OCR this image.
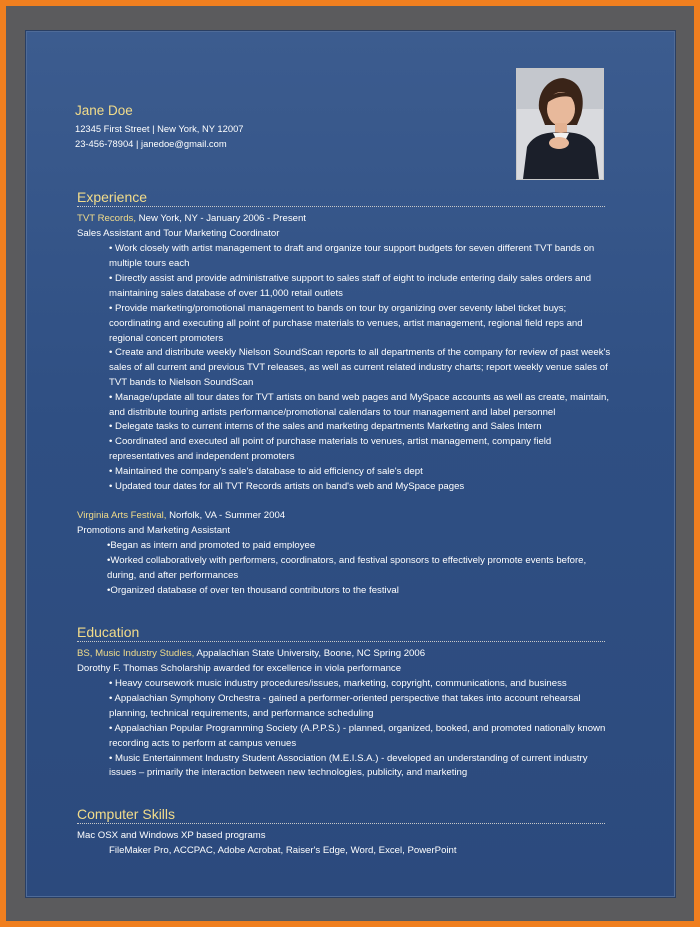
Jane Doe
12345 First Street | New York, NY 12007
23-456-78904 | janedoe@gmail.com
Experience
TVT Records, New York, NY - January 2006 - Present
Sales Assistant and Tour Marketing Coordinator
• Work closely with artist management to draft and organize tour support budgets for seven different TVT bands on
multiple tours each
• Directly assist and provide administrative support to sales staff of eight to include entering daily sales orders and
maintaining sales database of over 11,000 retail outlets
• Provide marketing/promotional management to bands on tour by organizing over seventy label ticket buys;
coordinating and executing all point of purchase materials to venues, artist management, regional field reps and
regional concert promoters
• Create and distribute weekly Nielson SoundScan reports to all departments of the company for review of past week's
sales of all current and previous TVT releases, as well as current related industry charts; report weekly venue sales of
TVT bands to Nielson SoundScan
• Manage/update all tour dates for TVT artists on band web pages and MySpace accounts as well as create, maintain,
and distribute touring artists performance/promotional calendars to tour management and label personnel
• Delegate tasks to current interns of the sales and marketing departments Marketing and Sales Intern
• Coordinated and executed all point of purchase materials to venues, artist management, company field
representatives and independent promoters
• Maintained the company's sale's database to aid efficiency of sale's dept
• Updated tour dates for all TVT Records artists on band's web and MySpace pages
Virginia Arts Festival, Norfolk, VA - Summer 2004
Promotions and Marketing Assistant
•Began as intern and promoted to paid employee
•Worked collaboratively with performers, coordinators, and festival sponsors to effectively promote events before,
during, and after performances
•Organized database of over ten thousand contributors to the festival
Education
BS, Music Industry Studies, Appalachian State University, Boone, NC Spring 2006
Dorothy F. Thomas Scholarship awarded for excellence in viola performance
• Heavy coursework music industry procedures/issues, marketing, copyright, communications, and business
• Appalachian Symphony Orchestra - gained a performer-oriented perspective that takes into account rehearsal
planning, technical requirements, and performance scheduling
• Appalachian Popular Programming Society (A.P.P.S.) - planned, organized, booked, and promoted nationally known
recording acts to perform at campus venues
• Music Entertainment Industry Student Association (M.E.I.S.A.) - developed an understanding of current industry
issues – primarily the interaction between new technologies, publicity, and marketing
Computer Skills
Mac OSX and Windows XP based programs
FileMaker Pro, ACCPAC, Adobe Acrobat, Raiser's Edge, Word, Excel, PowerPoint
